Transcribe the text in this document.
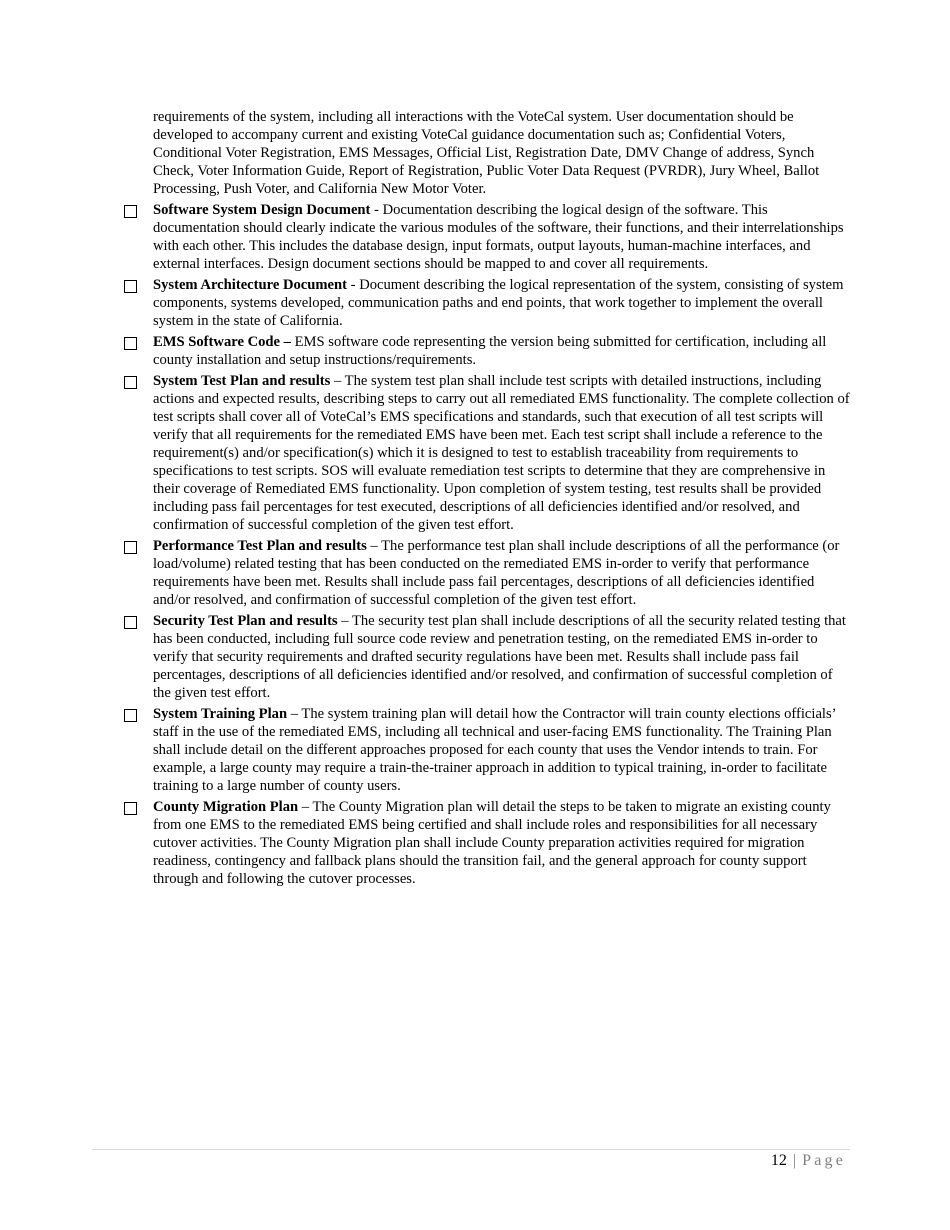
requirements of the system, including all interactions with the VoteCal system. User documentation should be developed to accompany current and existing VoteCal guidance documentation such as; Confidential Voters, Conditional Voter Registration, EMS Messages, Official List, Registration Date, DMV Change of address, Synch Check, Voter Information Guide, Report of Registration, Public Voter Data Request (PVRDR), Jury Wheel, Ballot Processing, Push Voter, and California New Motor Voter.

Software System Design Document - Documentation describing the logical design of the software. This documentation should clearly indicate the various modules of the software, their functions, and their interrelationships with each other. This includes the database design, input formats, output layouts, human-machine interfaces, and external interfaces. Design document sections should be mapped to and cover all requirements.
System Architecture Document - Document describing the logical representation of the system, consisting of system components, systems developed, communication paths and end points, that work together to implement the overall system in the state of California.
EMS Software Code – EMS software code representing the version being submitted for certification, including all county installation and setup instructions/requirements.
System Test Plan and results – The system test plan shall include test scripts with detailed instructions, including actions and expected results, describing steps to carry out all remediated EMS functionality. The complete collection of test scripts shall cover all of VoteCal’s EMS specifications and standards, such that execution of all test scripts will verify that all requirements for the remediated EMS have been met. Each test script shall include a reference to the requirement(s) and/or specification(s) which it is designed to test to establish traceability from requirements to specifications to test scripts. SOS will evaluate remediation test scripts to determine that they are comprehensive in their coverage of Remediated EMS functionality. Upon completion of system testing, test results shall be provided including pass fail percentages for test executed, descriptions of all deficiencies identified and/or resolved, and confirmation of successful completion of the given test effort.
Performance Test Plan and results – The performance test plan shall include descriptions of all the performance (or load/volume) related testing that has been conducted on the remediated EMS in-order to verify that performance requirements have been met. Results shall include pass fail percentages, descriptions of all deficiencies identified and/or resolved, and confirmation of successful completion of the given test effort.
Security Test Plan and results – The security test plan shall include descriptions of all the security related testing that has been conducted, including full source code review and penetration testing, on the remediated EMS in-order to verify that security requirements and drafted security regulations have been met. Results shall include pass fail percentages, descriptions of all deficiencies identified and/or resolved, and confirmation of successful completion of the given test effort.
System Training Plan – The system training plan will detail how the Contractor will train county elections officials’ staff in the use of the remediated EMS, including all technical and user-facing EMS functionality. The Training Plan shall include detail on the different approaches proposed for each county that uses the Vendor intends to train. For example, a large county may require a train-the-trainer approach in addition to typical training, in-order to facilitate training to a large number of county users.
County Migration Plan – The County Migration plan will detail the steps to be taken to migrate an existing county from one EMS to the remediated EMS being certified and shall include roles and responsibilities for all necessary cutover activities. The County Migration plan shall include County preparation activities required for migration readiness, contingency and fallback plans should the transition fail, and the general approach for county support through and following the cutover processes.
12 | Page
